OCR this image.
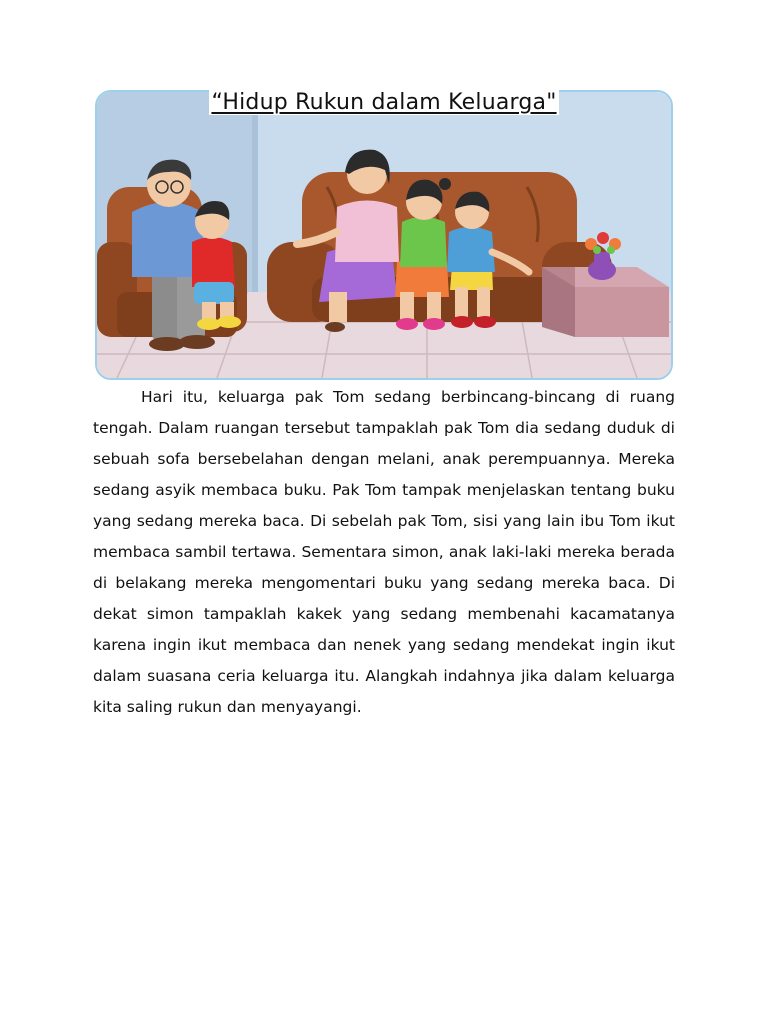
“Hidup Rukun dalam Keluarga"

Hari itu, keluarga pak Tom sedang berbincang-bincang di ruang tengah. Dalam ruangan tersebut tampaklah pak Tom dia sedang duduk di sebuah sofa bersebelahan dengan melani, anak perempuannya. Mereka sedang asyik membaca buku. Pak Tom tampak menjelaskan tentang buku yang sedang mereka baca. Di sebelah pak Tom, sisi yang lain ibu Tom ikut membaca sambil tertawa. Sementara simon, anak laki-laki mereka berada di belakang mereka mengomentari buku yang sedang mereka baca. Di dekat simon tampaklah kakek yang sedang membenahi kacamatanya karena ingin ikut membaca dan nenek yang sedang mendekat ingin ikut dalam suasana ceria keluarga itu. Alangkah indahnya jika dalam keluarga kita saling rukun dan menyayangi.
